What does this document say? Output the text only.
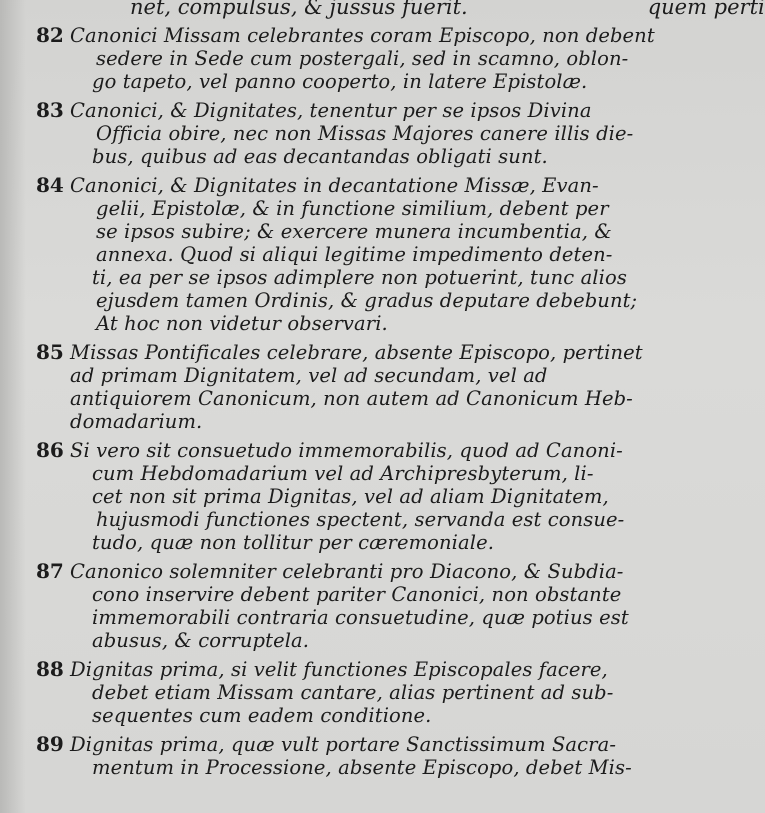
net, compulsus, & jussus fuerit.	quem perti
82 Canonici Missam celebrantes coram Episcopo, non debent
sedere in Sede cum postergali, sed in scamno, oblon-
go tapeto, vel panno cooperto, in latere Epistolæ.
83 Canonici, & Dignitates, tenentur per se ipsos Divina
Officia obire, nec non Missas Majores canere illis die-
bus, quibus ad eas decantandas obligati sunt.
84 Canonici, & Dignitates in decantatione Missæ, Evan-
gelii, Epistolæ, & in functione similium, debent per
se ipsos subire; & exercere munera incumbentia, &
annexa. Quod si aliqui legitime impedimento deten-
ti, ea per se ipsos adimplere non potuerint, tunc alios
ejusdem tamen Ordinis, & gradus deputare debebunt;
At hoc non videtur observari.
85 Missas Pontificales celebrare, absente Episcopo, pertinet
ad primam Dignitatem, vel ad secundam, vel ad
antiquiorem Canonicum, non autem ad Canonicum Heb-
domadarium.
86 Si vero sit consuetudo immemorabilis, quod ad Canoni-
cum Hebdomadarium vel ad Archipresbyterum, li-
cet non sit prima Dignitas, vel ad aliam Dignitatem,
hujusmodi functiones spectent, servanda est consue-
tudo, quæ non tollitur per cæremoniale.
87 Canonico solemniter celebranti pro Diacono, & Subdia-
cono inservire debent pariter Canonici, non obstante
immemorabili contraria consuetudine, quæ potius est
abusus, & corruptela.
88 Dignitas prima, si velit functiones Episcopales facere,
debet etiam Missam cantare, alias pertinent ad sub-
sequentes cum eadem conditione.
89 Dignitas prima, quæ vult portare Sanctissimum Sacra-
mentum in Processione, absente Episcopo, debet Mis-
